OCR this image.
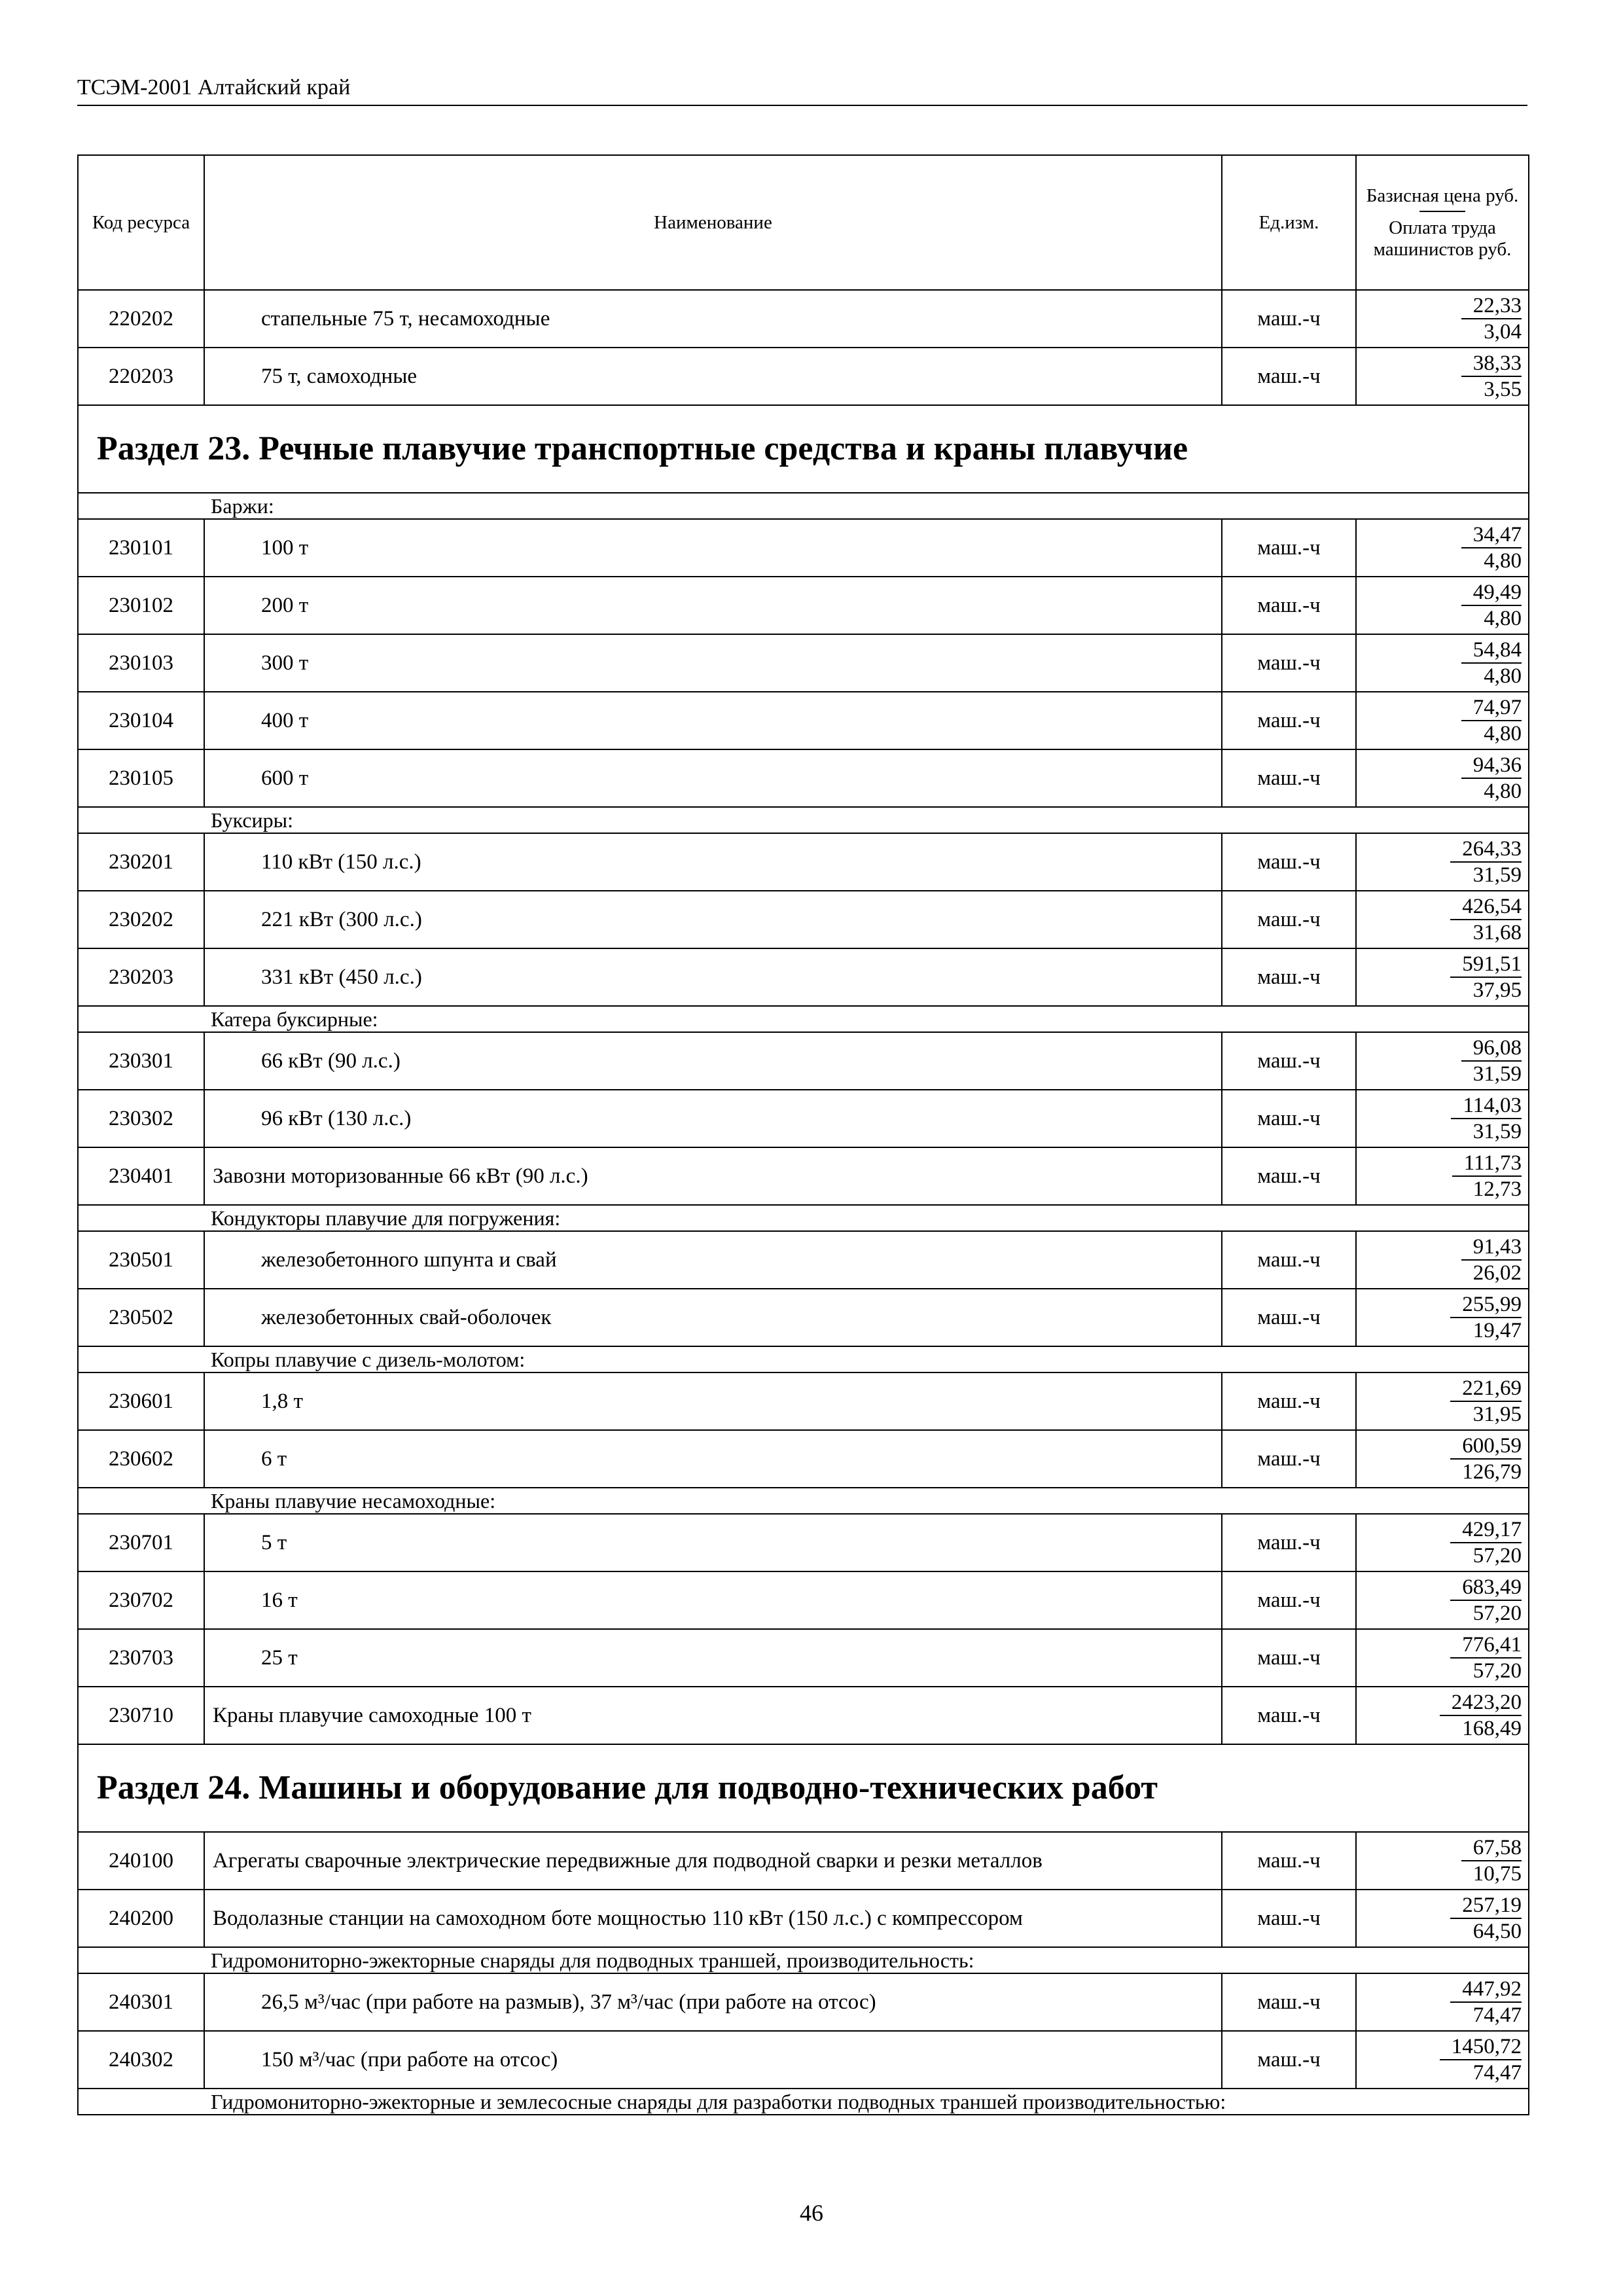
ТСЭМ-2001 Алтайский край
Код ресурса	Наименование	Ед.изм.	Базисная цена руб.
Оплата труда машинистов руб.
220202	стапельные 75 т, несамоходные	маш.-ч	$\frac{22,33}{3,04}$

220203	75 т, самоходные	маш.-ч	$\frac{38,33}{3,55}$

Раздел 23. Речные плавучие транспортные средства и краны плавучие			
	Баржи:		
230101	100 т	маш.-ч	$\frac{34,47}{4,80}$

230102	200 т	маш.-ч	$\frac{49,49}{4,80}$

230103	300 т	маш.-ч	$\frac{54,84}{4,80}$

230104	400 т	маш.-ч	$\frac{74,97}{4,80}$

230105	600 т	маш.-ч	$\frac{94,36}{4,80}$

	Буксиры:		
230201	110 кВт (150 л.с.)	маш.-ч	$\frac{264,33}{31,59}$

230202	221 кВт (300 л.с.)	маш.-ч	$\frac{426,54}{31,68}$

230203	331 кВт (450 л.с.)	маш.-ч	$\frac{591,51}{37,95}$

	Катера буксирные:		
230301	66 кВт (90 л.с.)	маш.-ч	$\frac{96,08}{31,59}$

230302	96 кВт (130 л.с.)	маш.-ч	$\frac{114,03}{31,59}$

230401	Завозни моторизованные 66 кВт (90 л.с.)	маш.-ч	$\frac{111,73}{12,73}$

	Кондукторы плавучие для погружения:		
230501	железобетонного шпунта и свай	маш.-ч	$\frac{91,43}{26,02}$

230502	железобетонных свай-оболочек	маш.-ч	$\frac{255,99}{19,47}$

	Копры плавучие с дизель-молотом:		
230601	1,8 т	маш.-ч	$\frac{221,69}{31,95}$

230602	6 т	маш.-ч	$\frac{600,59}{126,79}$

	Краны плавучие несамоходные:		
230701	5 т	маш.-ч	$\frac{429,17}{57,20}$

230702	16 т	маш.-ч	$\frac{683,49}{57,20}$

230703	25 т	маш.-ч	$\frac{776,41}{57,20}$

230710	Краны плавучие самоходные 100 т	маш.-ч	$\frac{2423,20}{168,49}$

Раздел 24. Машины и оборудование для подводно-технических работ			
240100	Агрегаты сварочные электрические передвижные для подводной сварки и резки металлов	маш.-ч	$\frac{67,58}{10,75}$

240200	Водолазные станции на самоходном боте мощностью 110 кВт (150 л.с.) с компрессором	маш.-ч	$\frac{257,19}{64,50}$

	Гидромониторно-эжекторные снаряды для подводных траншей, производительность:		
240301	26,5 м³/час (при работе на размыв), 37 м³/час (при работе на отсос)	маш.-ч	$\frac{447,92}{74,47}$

240302	150 м³/час (при работе на отсос)	маш.-ч	$\frac{1450,72}{74,47}$

	Гидромониторно-эжекторные и землесосные снаряды для разработки подводных траншей производительностью:		
46
